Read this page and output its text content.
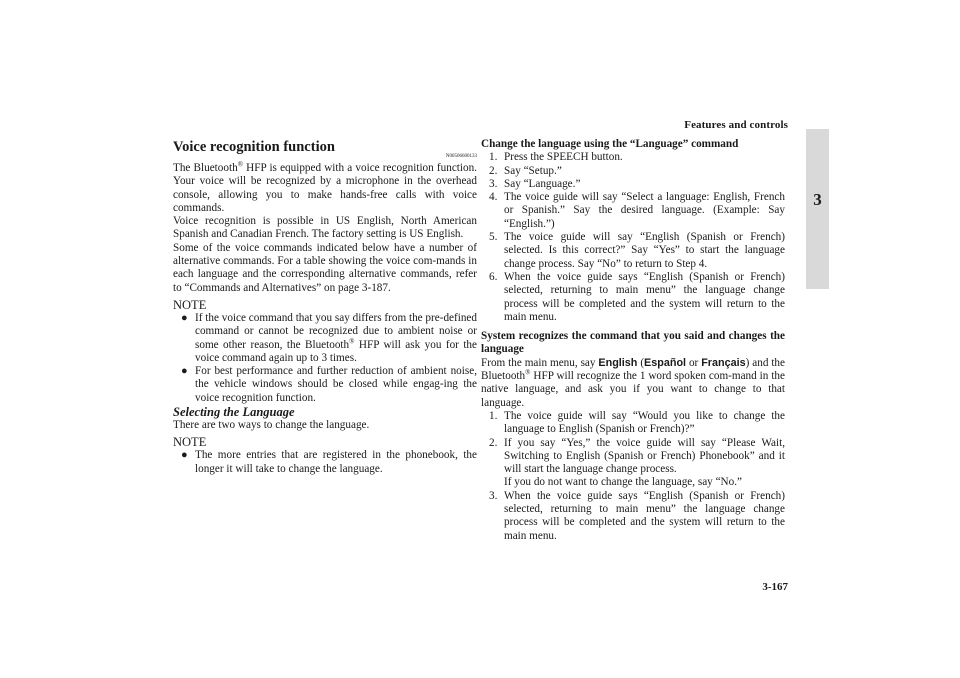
Features and controls
3
Voice recognition function
N00506600133

The Bluetooth® HFP is equipped with a voice recognition function. Your voice will be recognized by a microphone in the overhead console, allowing you to make hands-free calls with voice commands.

Voice recognition is possible in US English, North American Spanish and Canadian French. The factory setting is US English.

Some of the voice commands indicated below have a number of alternative commands. For a table showing the voice com-mands in each language and the corresponding alternative commands, refer to “Commands and Alternatives” on page 3-187.

NOTE
● If the voice command that you say differs from the pre-defined command or cannot be recognized due to ambient noise or some other reason, the Bluetooth® HFP will ask you for the voice command again up to 3 times.
● For best performance and further reduction of ambient noise, the vehicle windows should be closed while engag-ing the voice recognition function.
Selecting the Language

There are two ways to change the language.

NOTE
● The more entries that are registered in the phonebook, the longer it will take to change the language.
Change the language using the “Language” command
1. Press the SPEECH button.
2. Say “Setup.”
3. Say “Language.”
4. The voice guide will say “Select a language: English, French or Spanish.” Say the desired language. (Example: Say “English.”)
5. The voice guide will say “English (Spanish or French) selected. Is this correct?” Say “Yes” to start the language change process. Say “No” to return to Step 4.
6. When the voice guide says “English (Spanish or French) selected, returning to main menu” the language change process will be completed and the system will return to the main menu.
System recognizes the command that you said and changes the language

From the main menu, say English (Español or Français) and the Bluetooth® HFP will recognize the 1 word spoken com-mand in the native language, and ask you if you want to change to that language.

1. The voice guide will say “Would you like to change the language to English (Spanish or French)?”
2. If you say “Yes,” the voice guide will say “Please Wait, Switching to English (Spanish or French) Phonebook” and it will start the language change process.
If you do not want to change the language, say “No.”
3. When the voice guide says “English (Spanish or French) selected, returning to main menu” the language change process will be completed and the system will return to the main menu.
3-167
